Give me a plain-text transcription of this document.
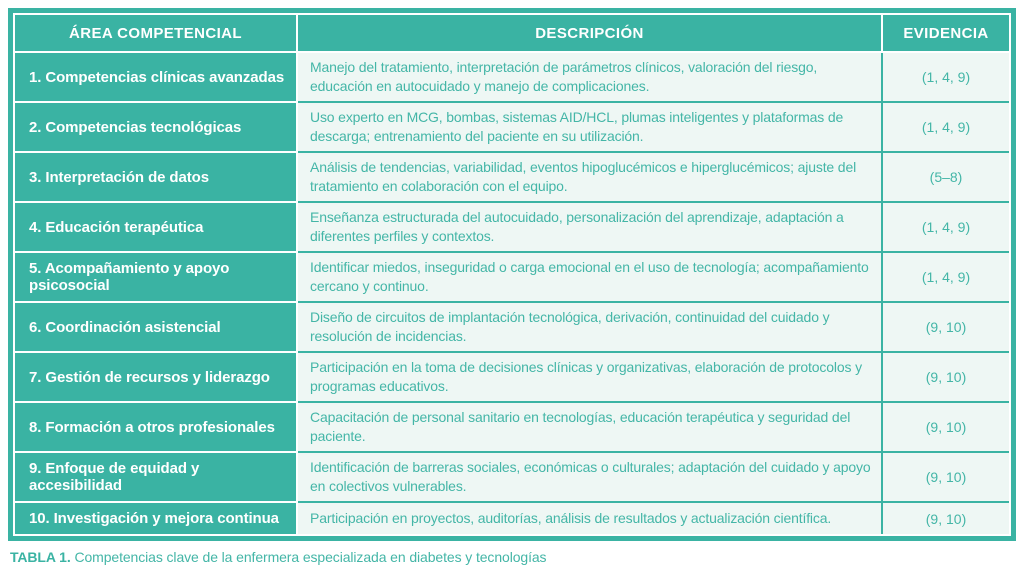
ÁREA COMPETENCIAL	DESCRIPCIÓN	EVIDENCIA
1. Competencias clínicas avanzadas	Manejo del tratamiento, interpretación de parámetros clínicos, valoración del riesgo, educación en autocuidado y manejo de complicaciones.	(1, 4, 9)
2. Competencias tecnológicas	Uso experto en MCG, bombas, sistemas AID/HCL, plumas inteligentes y plataformas de descarga; entrenamiento del paciente en su utilización.	(1, 4, 9)
3. Interpretación de datos	Análisis de tendencias, variabilidad, eventos hipoglucémicos e hiperglucémicos; ajuste del tratamiento en colaboración con el equipo.	(5–8)
4. Educación terapéutica	Enseñanza estructurada del autocuidado, personalización del aprendizaje, adaptación a diferentes perfiles y contextos.	(1, 4, 9)
5. Acompañamiento y apoyo psicosocial	Identificar miedos, inseguridad o carga emocional en el uso de tecnología; acompañamiento cercano y continuo.	(1, 4, 9)
6. Coordinación asistencial	Diseño de circuitos de implantación tecnológica, derivación, continuidad del cuidado y resolución de incidencias.	(9, 10)
7. Gestión de recursos y liderazgo	Participación en la toma de decisiones clínicas y organizativas, elaboración de protocolos y programas educativos.	(9, 10)
8. Formación a otros profesionales	Capacitación de personal sanitario en tecnologías, educación terapéutica y seguridad del paciente.	(9, 10)
9. Enfoque de equidad y accesibilidad	Identificación de barreras sociales, económicas o culturales; adaptación del cuidado y apoyo en colectivos vulnerables.	(9, 10)
10. Investigación y mejora continua	Participación en proyectos, auditorías, análisis de resultados y actualización científica.	(9, 10)
TABLA 1. Competencias clave de la enfermera especializada en diabetes y tecnologías
